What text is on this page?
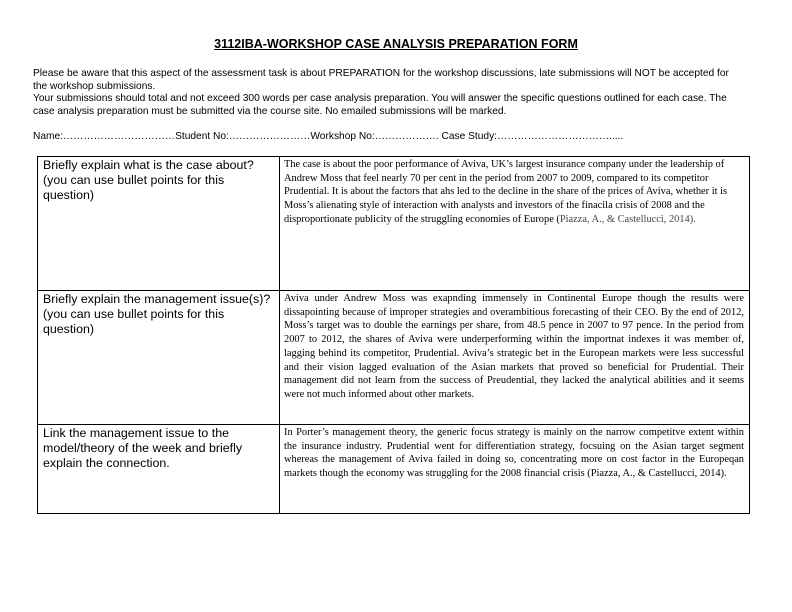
3112IBA-WORKSHOP CASE ANALYSIS PREPARATION FORM

Please be aware that this aspect of the assessment task is about PREPARATION for the workshop discussions, late submissions will NOT be accepted for the workshop submissions.

Your submissions should total and not exceed 300 words per case analysis preparation. You will answer the specific questions outlined for each case. The case analysis preparation must be submitted via the course site. No emailed submissions will be marked.

Name:……………………………Student No:……………………Workshop No:………………. Case Study:…………………………….....
Briefly explain what is the case about?
(you can use bullet points for this question)	The case is about the poor performance of Aviva, UK’s largest insurance company under the leadership of Andrew Moss that feel nearly 70 per cent in the period from 2007 to 2009, compared to its competitor Prudential. It is about the factors that ahs led to the decline in the share of the prices of Aviva, whether it is Moss’s alienating style of interaction with analysts and investors of the finacila crisis of 2008 and the disproportionate publicity of the struggling economies of Europe (Piazza, A., & Castellucci, 2014).

Briefly explain the management issue(s)?
(you can use bullet points for this question)	Aviva under Andrew Moss was exapnding immensely in Continental Europe though the results were dissapointing because of improper strategies and overambitious forecasting of their CEO. By the end of 2012, Moss’s target was to double the earnings per share, from 48.5 pence in 2007 to 97 pence. In the period from 2007 to 2012, the shares of Aviva were underperforming within the importnat indexes it was member of, lagging behind its competitor, Prudential. Aviva’s strategic bet in the European markets were less successful and their vision lagged evaluation of the Asian markets that proved so beneficial for Prudential. Their management did not learn from the success of Preudential, they lacked the analytical abilities and it seems were not much informed about other markets.

Link the management issue to the model/theory of the week and briefly explain the connection.	In Porter’s management theory, the generic focus strategy is mainly on the narrow competitve extent within the insurance industry. Prudential went for differentiation strategy, focsuing on the Asian target segment whereas the management of Aviva failed in doing so, concentrating more on cost factor in the Europeqan markets though the economy was struggling for the 2008 financial crisis (Piazza, A., & Castellucci, 2014).
